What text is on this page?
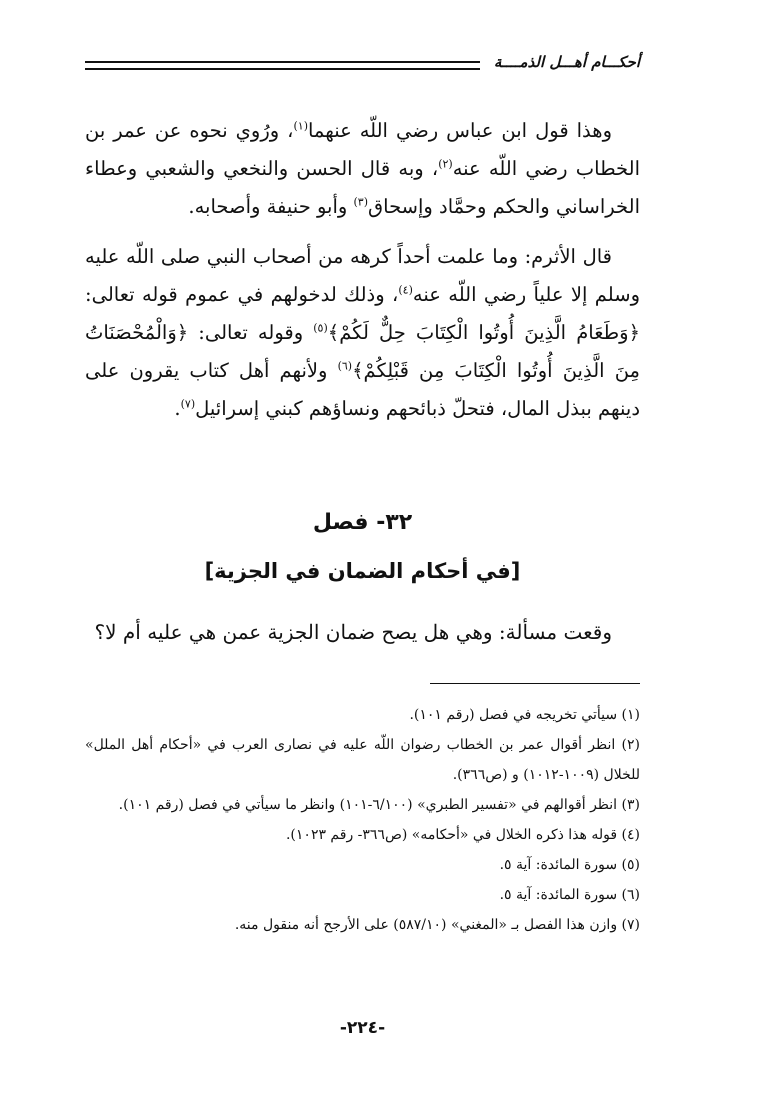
أحكـــام أهـــل الذمــــة
وهذا قول ابن عباس رضي اللّه عنهما$^{(١)}$، ورُوي نحوه عن عمر بن الخطاب رضي اللّه عنه$^{(٢)}$، وبه قال الحسن والنخعي والشعبي وعطاء الخراساني والحكم وحمَّاد وإسحاق$^{(٣)}$ وأبو حنيفة وأصحابه.
قال الأثرم: وما علمت أحداً كرهه من أصحاب النبي صلى اللّه عليه وسلم إلا علياً رضي اللّه عنه$^{(٤)}$، وذلك لدخولهم في عموم قوله تعالى: ﴿وَطَعَامُ الَّذِينَ أُوتُوا الْكِتَابَ حِلٌّ لَكُمْ﴾$^{(٥)}$ وقوله تعالى: ﴿وَالْمُحْصَنَاتُ مِنَ الَّذِينَ أُوتُوا الْكِتَابَ مِن قَبْلِكُمْ﴾$^{(٦)}$ ولأنهم أهل كتاب يقرون على دينهم ببذل المال، فتحلّ ذبائحهم ونساؤهم كبني إسرائيل$^{(٧)}$.
٣٢- فصل
[في أحكام الضمان في الجزية]
وقعت مسألة: وهي هل يصح ضمان الجزية عمن هي عليه أم لا؟

(١) سيأتي تخريجه في فصل (رقم ١٠١).

(٢) انظر أقوال عمر بن الخطاب رضوان اللّه عليه في نصارى العرب في «أحكام أهل الملل» للخلال (١٠٠٩-١٠١٢) و (ص٣٦٦).

(٣) انظر أقوالهم في «تفسير الطبري» (٦/١٠٠-١٠١) وانظر ما سيأتي في فصل (رقم ١٠١).

(٤) قوله هذا ذكره الخلال في «أحكامه» (ص٣٦٦- رقم ١٠٢٣).

(٥) سورة المائدة: آية ٥.

(٦) سورة المائدة: آية ٥.

(٧) وازن هذا الفصل بـ «المغني» (٥٨٧/١٠) على الأرجح أنه منقول منه.

-٢٢٤-
